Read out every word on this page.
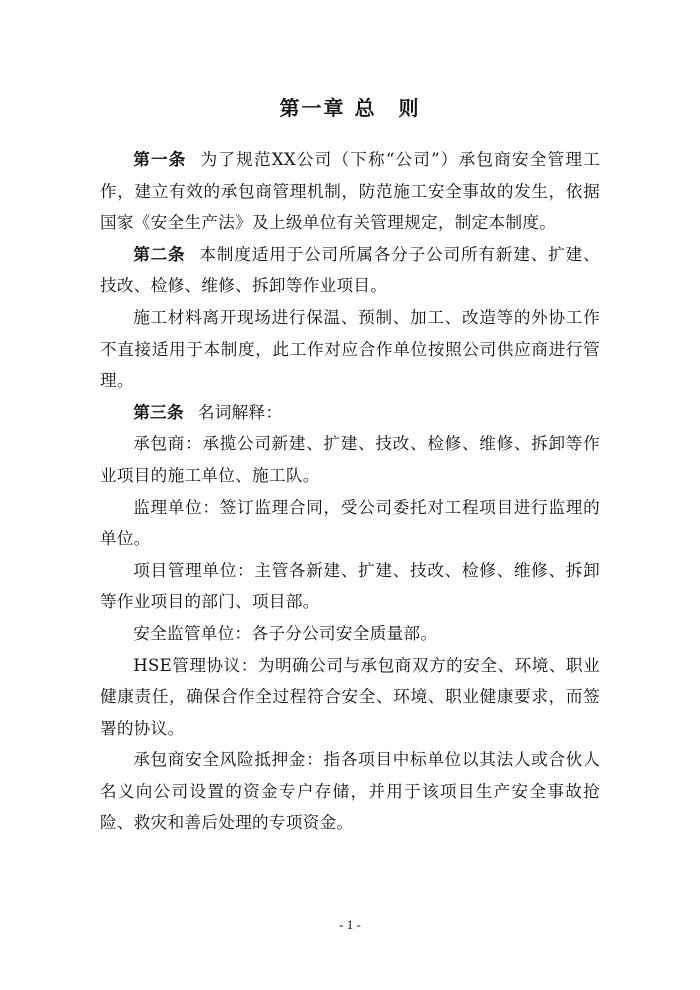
第一章 总　则

第一条 为了规范XX公司（下称“公司”）承包商安全管理工作，建立有效的承包商管理机制，防范施工安全事故的发生，依据国家《安全生产法》及上级单位有关管理规定，制定本制度。

第二条 本制度适用于公司所属各分子公司所有新建、扩建、技改、检修、维修、拆卸等作业项目。

施工材料离开现场进行保温、预制、加工、改造等的外协工作不直接适用于本制度，此工作对应合作单位按照公司供应商进行管理。

第三条 名词解释：

承包商：承揽公司新建、扩建、技改、检修、维修、拆卸等作业项目的施工单位、施工队。

监理单位：签订监理合同，受公司委托对工程项目进行监理的单位。

项目管理单位：主管各新建、扩建、技改、检修、维修、拆卸等作业项目的部门、项目部。

安全监管单位：各子分公司安全质量部。

HSE管理协议：为明确公司与承包商双方的安全、环境、职业健康责任，确保合作全过程符合安全、环境、职业健康要求，而签署的协议。

承包商安全风险抵押金：指各项目中标单位以其法人或合伙人名义向公司设置的资金专户存储，并用于该项目生产安全事故抢险、救灾和善后处理的专项资金。

- 1 -
